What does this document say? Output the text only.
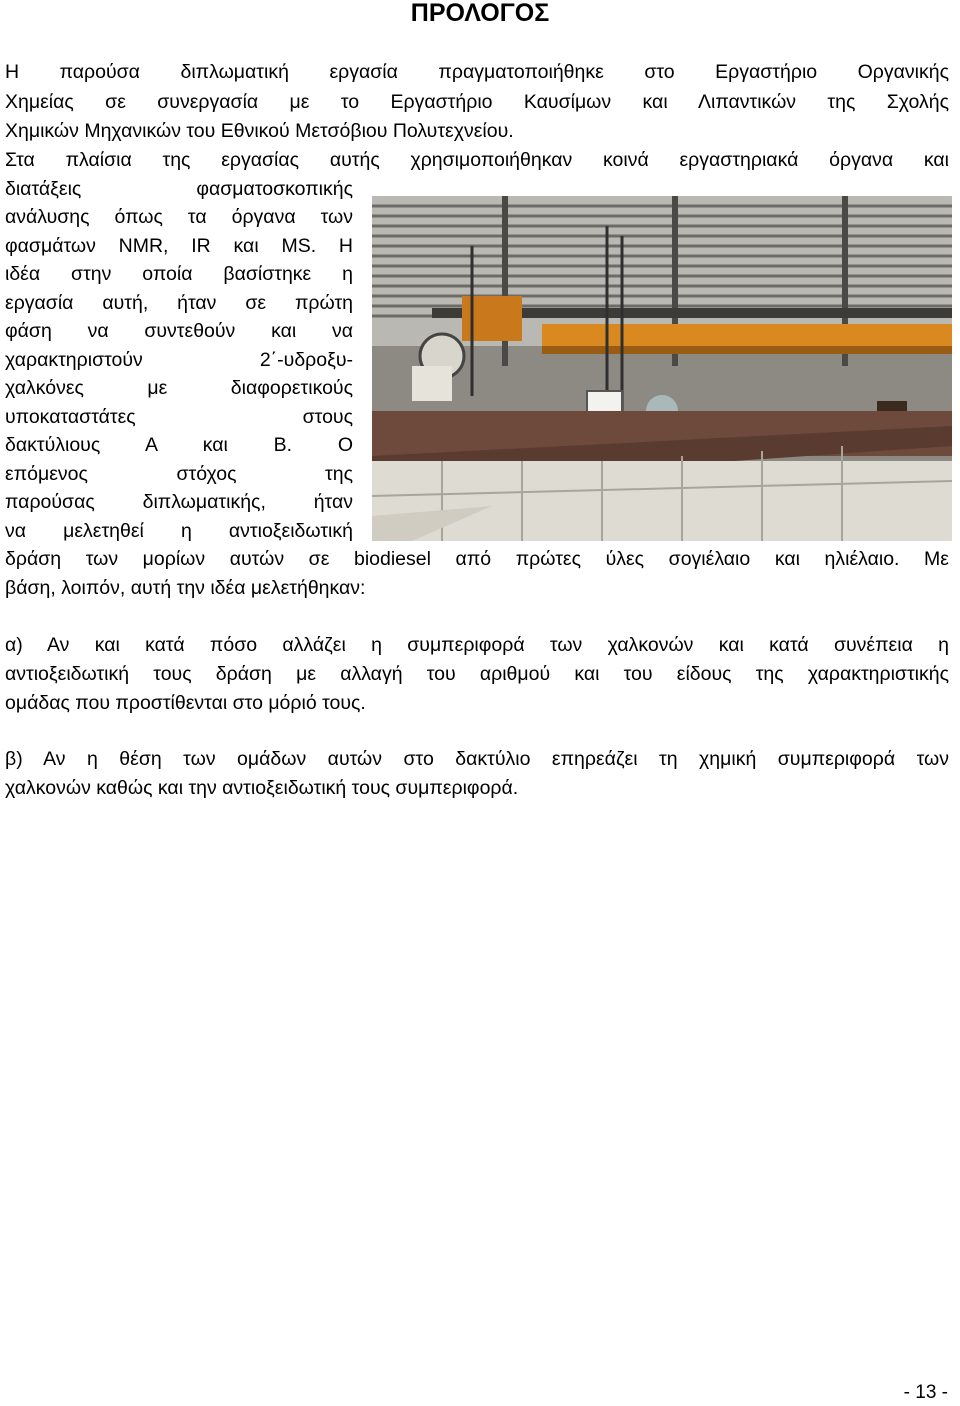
ΠΡΟΛΟΓΟΣ

Η παρούσα διπλωματική εργασία πραγματοποιήθηκε στο Εργαστήριο Οργανικής

Χημείας σε συνεργασία με το Εργαστήριο Καυσίμων και Λιπαντικών της Σχολής

Χημικών Μηχανικών του Εθνικού Μετσόβιου Πολυτεχνείου.

Στα πλαίσια της εργασίας αυτής χρησιμοποιήθηκαν κοινά εργαστηριακά όργανα και

διατάξεις φασματοσκοπικής

ανάλυσης όπως τα όργανα των

φασμάτων NMR, IR και MS. Η

ιδέα στην οποία βασίστηκε η

εργασία αυτή, ήταν σε πρώτη

φάση να συντεθούν και να

χαρακτηριστούν 2΄-υδροξυ-

χαλκόνες με διαφορετικούς

υποκαταστάτες στους

δακτύλιους Α και Β. Ο

επόμενος στόχος της

παρούσας διπλωματικής, ήταν

να μελετηθεί η αντιοξειδωτική

δράση των μορίων αυτών σε biodiesel από πρώτες ύλες σογιέλαιο και ηλιέλαιο. Με

βάση, λοιπόν, αυτή την ιδέα μελετήθηκαν:

α) Αν και κατά πόσο αλλάζει η συμπεριφορά των χαλκονών και κατά συνέπεια η

αντιοξειδωτική τους δράση με αλλαγή του αριθμού και του είδους της χαρακτηριστικής

ομάδας που προστίθενται στο μόριό τους.

β) Αν η θέση των ομάδων αυτών στο δακτύλιο επηρεάζει τη χημική συμπεριφορά των

χαλκονών καθώς και την αντιοξειδωτική τους συμπεριφορά.

- 13 -
